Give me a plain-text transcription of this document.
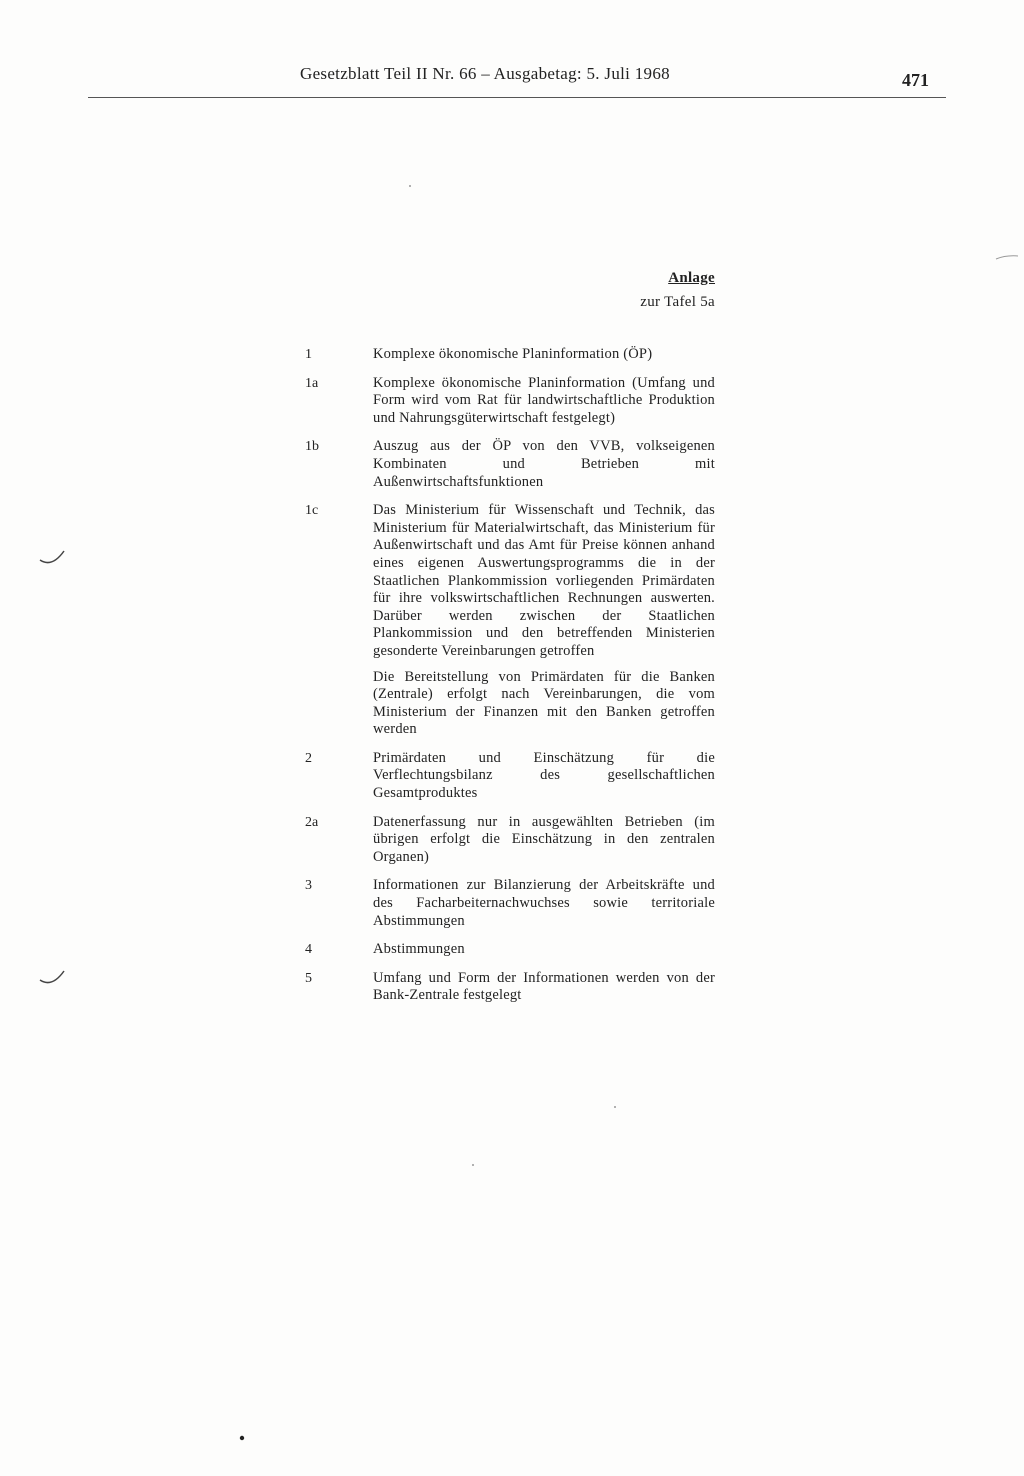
Gesetzblatt Teil II Nr. 66 – Ausgabetag: 5. Juli 1968	471
Anlage
zur Tafel 5a
1	Komplexe ökonomische Planinformation (ÖP)

1a	Komplexe ökonomische Planinformation (Umfang und Form wird vom Rat für landwirtschaftliche Produktion und Nahrungsgüterwirtschaft festgelegt)

1b	Auszug aus der ÖP von den VVB, volkseigenen Kombinaten und Betrieben mit Außenwirtschaftsfunktionen

1c	Das Ministerium für Wissenschaft und Technik, das Ministerium für Materialwirtschaft, das Ministerium für Außenwirtschaft und das Amt für Preise können anhand eines eigenen Auswertungsprogramms die in der Staatlichen Plankommission vorliegenden Primärdaten für ihre volkswirtschaftlichen Rechnungen auswerten. Darüber werden zwischen der Staatlichen Plankommission und den betreffenden Ministerien gesonderte Vereinbarungen getroffen

Die Bereitstellung von Primärdaten für die Banken (Zentrale) erfolgt nach Vereinbarungen, die vom Ministerium der Finanzen mit den Banken getroffen werden

2	Primärdaten und Einschätzung für die Verflechtungsbilanz des gesellschaftlichen Gesamtproduktes

2a	Datenerfassung nur in ausgewählten Betrieben (im übrigen erfolgt die Einschätzung in den zentralen Organen)

3	Informationen zur Bilanzierung der Arbeitskräfte und des Facharbeiternachwuchses sowie territoriale Abstimmungen

4	Abstimmungen

5	Umfang und Form der Informationen werden von der Bank-Zentrale festgelegt
